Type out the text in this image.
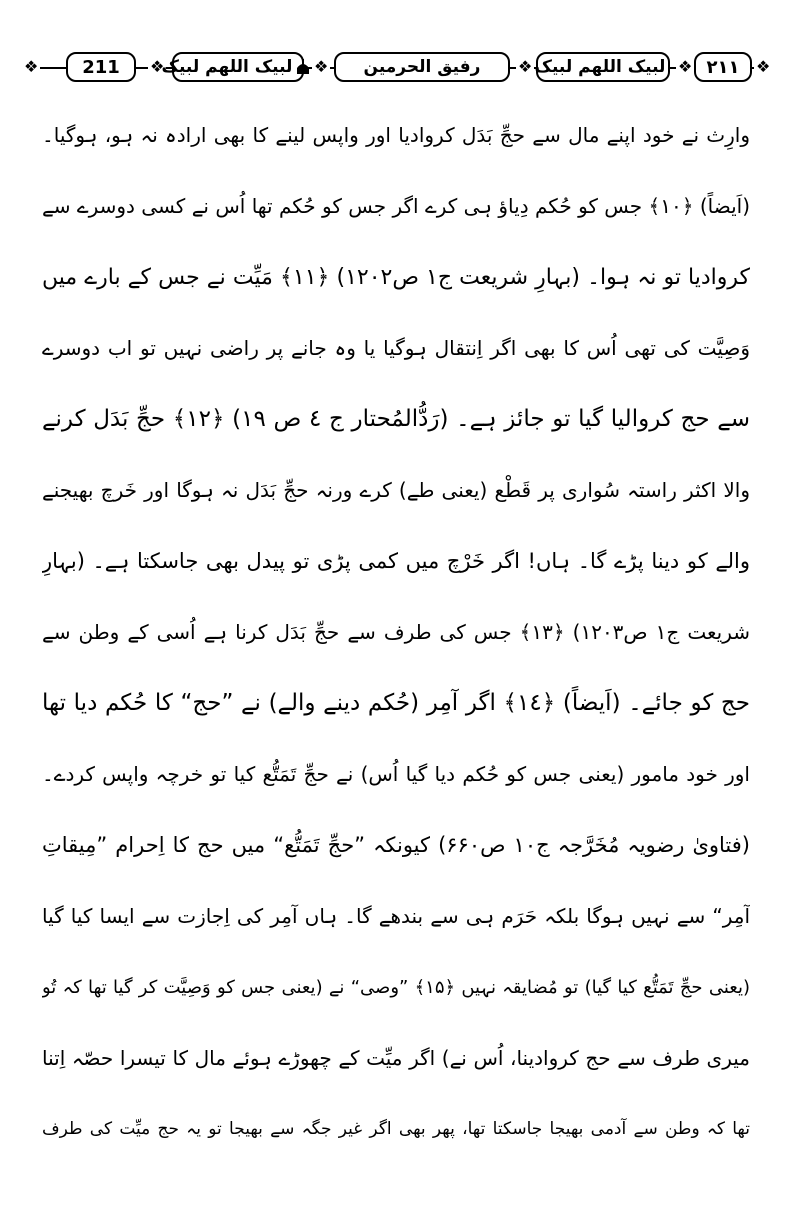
❖	211	❖
لبیک اللھم لبیک ❖	رفیق الحرمین	❖ لبیک اللھم لبیک ❖ ۲۱۱	❖
وارِث نے خود اپنے مال سے حجِّ بَدَل کروادیا اور واپس لینے کا بھی ارادہ نہ ہو، ہوگیا۔
(اَیضاً) ﴿۱۰﴾ جس کو حُکم دِیاؤ ہی کرے اگر جس کو حُکم تھا اُس نے کسی دوسرے سے
کروادیا تو نہ ہوا۔ (بہارِ شریعت ج۱ ص۱۲۰۲) ﴿۱۱﴾ مَیِّت نے جس کے بارے میں
وَصِیَّت کی تھی اُس کا بھی اگر اِنتقال ہوگیا یا وہ جانے پر راضی نہیں تو اب دوسرے
سے حج کروالیا گیا تو جائز ہے۔ (رَدُّالمُحتار ج ٤ ص ١٩) ﴿۱۲﴾ حجِّ بَدَل کرنے
والا اکثر راستہ سُواری پر قَطْع (یعنی طے) کرے ورنہ حجِّ بَدَل نہ ہوگا اور خَرچ بھیجنے
والے کو دینا پڑے گا۔ ہاں! اگر خَرْچ میں کمی پڑی تو پیدل بھی جاسکتا ہے۔ (بہارِ
شریعت ج۱ ص۱۲۰۳) ﴿۱۳﴾ جس کی طرف سے حجِّ بَدَل کرنا ہے اُسی کے وطن سے
حج کو جائے۔ (اَیضاً) ﴿۱٤﴾ اگر آمِر (حُکم دینے والے) نے ”حج“ کا حُکم دیا تھا
اور خود مامور (یعنی جس کو حُکم دیا گیا اُس) نے حجِّ تَمَتُّع کیا تو خرچہ واپس کردے۔
(فتاویٰ رضویہ مُخَرَّجہ ج۱۰ ص۶۶۰) کیونکہ ”حجِّ تَمَتُّع“ میں حج کا اِحرام ”مِیقاتِ
آمِر“ سے نہیں ہوگا بلکہ حَرَم ہی سے بندھے گا۔ ہاں آمِر کی اِجازت سے ایسا کیا گیا
(یعنی حجِّ تَمَتُّع کیا گیا) تو مُضایقہ نہیں ﴿۱۵﴾ ”وصی“ نے (یعنی جس کو وَصِیَّت کر گیا تھا کہ تُو
میری طرف سے حج کروادینا، اُس نے) اگر میِّت کے چھوڑے ہوئے مال کا تیسرا حصّہ اِتنا
تھا کہ وطن سے آدمی بھیجا جاسکتا تھا، پھر بھی اگر غیر جگہ سے بھیجا تو یہ حج میِّت کی طرف
